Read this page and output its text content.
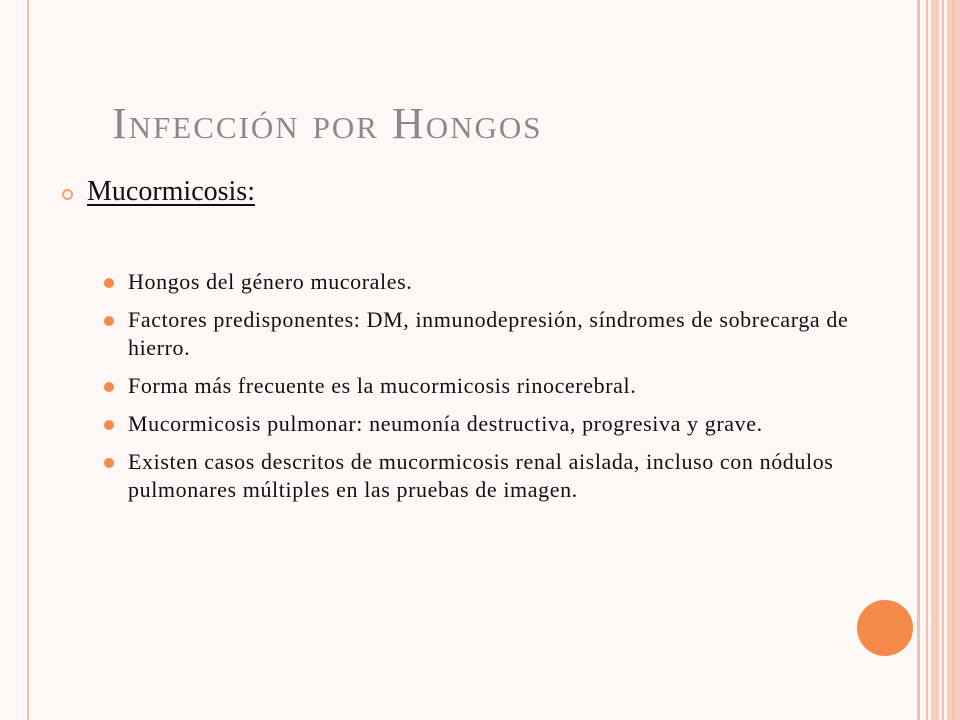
Infección por Hongos
Mucormicosis:
Hongos del género mucorales.
Factores predisponentes: DM, inmunodepresión, síndromes de sobrecarga de hierro.
Forma más frecuente es la mucormicosis rinocerebral.
Mucormicosis pulmonar: neumonía destructiva, progresiva y grave.
Existen casos descritos de mucormicosis renal aislada, incluso con nódulos pulmonares múltiples en las pruebas de imagen.
